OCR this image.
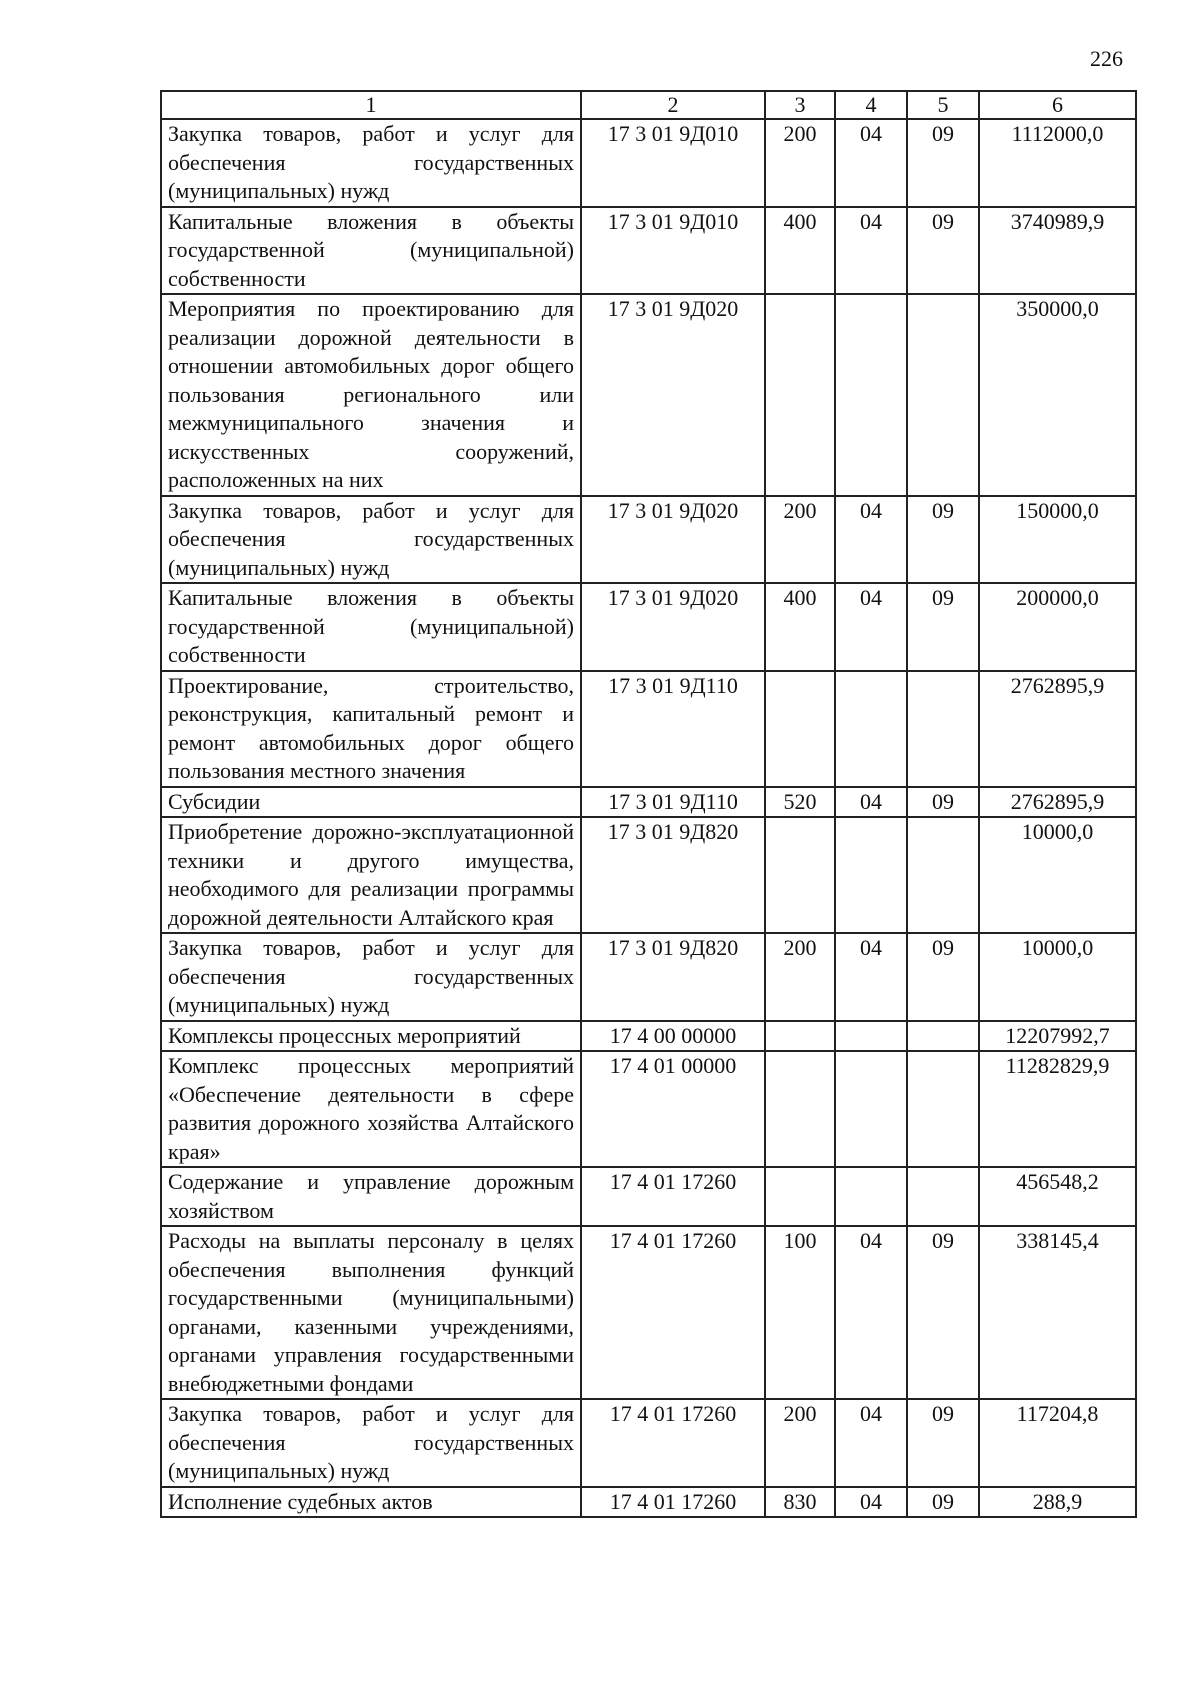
226
1	2	3	4	5	6
Закупка товаров, работ и услуг для обеспечения государственных (муниципальных) нужд	17 3 01 9Д010	200	04	09	1112000,0
Капитальные вложения в объекты государственной (муниципальной) собственности	17 3 01 9Д010	400	04	09	3740989,9
Мероприятия по проектированию для реализации дорожной деятельности в отношении автомобильных дорог общего пользования регионального или межмуниципального значения и искусственных сооружений, расположенных на них	17 3 01 9Д020				350000,0
Закупка товаров, работ и услуг для обеспечения государственных (муниципальных) нужд	17 3 01 9Д020	200	04	09	150000,0
Капитальные вложения в объекты государственной (муниципальной) собственности	17 3 01 9Д020	400	04	09	200000,0
Проектирование, строительство, реконструкция, капитальный ремонт и ремонт автомобильных дорог общего пользования местного значения	17 3 01 9Д110				2762895,9
Субсидии	17 3 01 9Д110	520	04	09	2762895,9
Приобретение дорожно-эксплуатационной техники и другого имущества, необходимого для реализации программы дорожной деятельности Алтайского края	17 3 01 9Д820				10000,0
Закупка товаров, работ и услуг для обеспечения государственных (муниципальных) нужд	17 3 01 9Д820	200	04	09	10000,0
Комплексы процессных мероприятий	17 4 00 00000				12207992,7
Комплекс процессных мероприятий «Обеспечение деятельности в сфере развития дорожного хозяйства Алтайского края»	17 4 01 00000				11282829,9
Содержание и управление дорожным хозяйством	17 4 01 17260				456548,2
Расходы на выплаты персоналу в целях обеспечения выполнения функций государственными (муниципальными) органами, казенными учреждениями, органами управления государственными внебюджетными фондами	17 4 01 17260	100	04	09	338145,4
Закупка товаров, работ и услуг для обеспечения государственных (муниципальных) нужд	17 4 01 17260	200	04	09	117204,8
Исполнение судебных актов	17 4 01 17260	830	04	09	288,9
